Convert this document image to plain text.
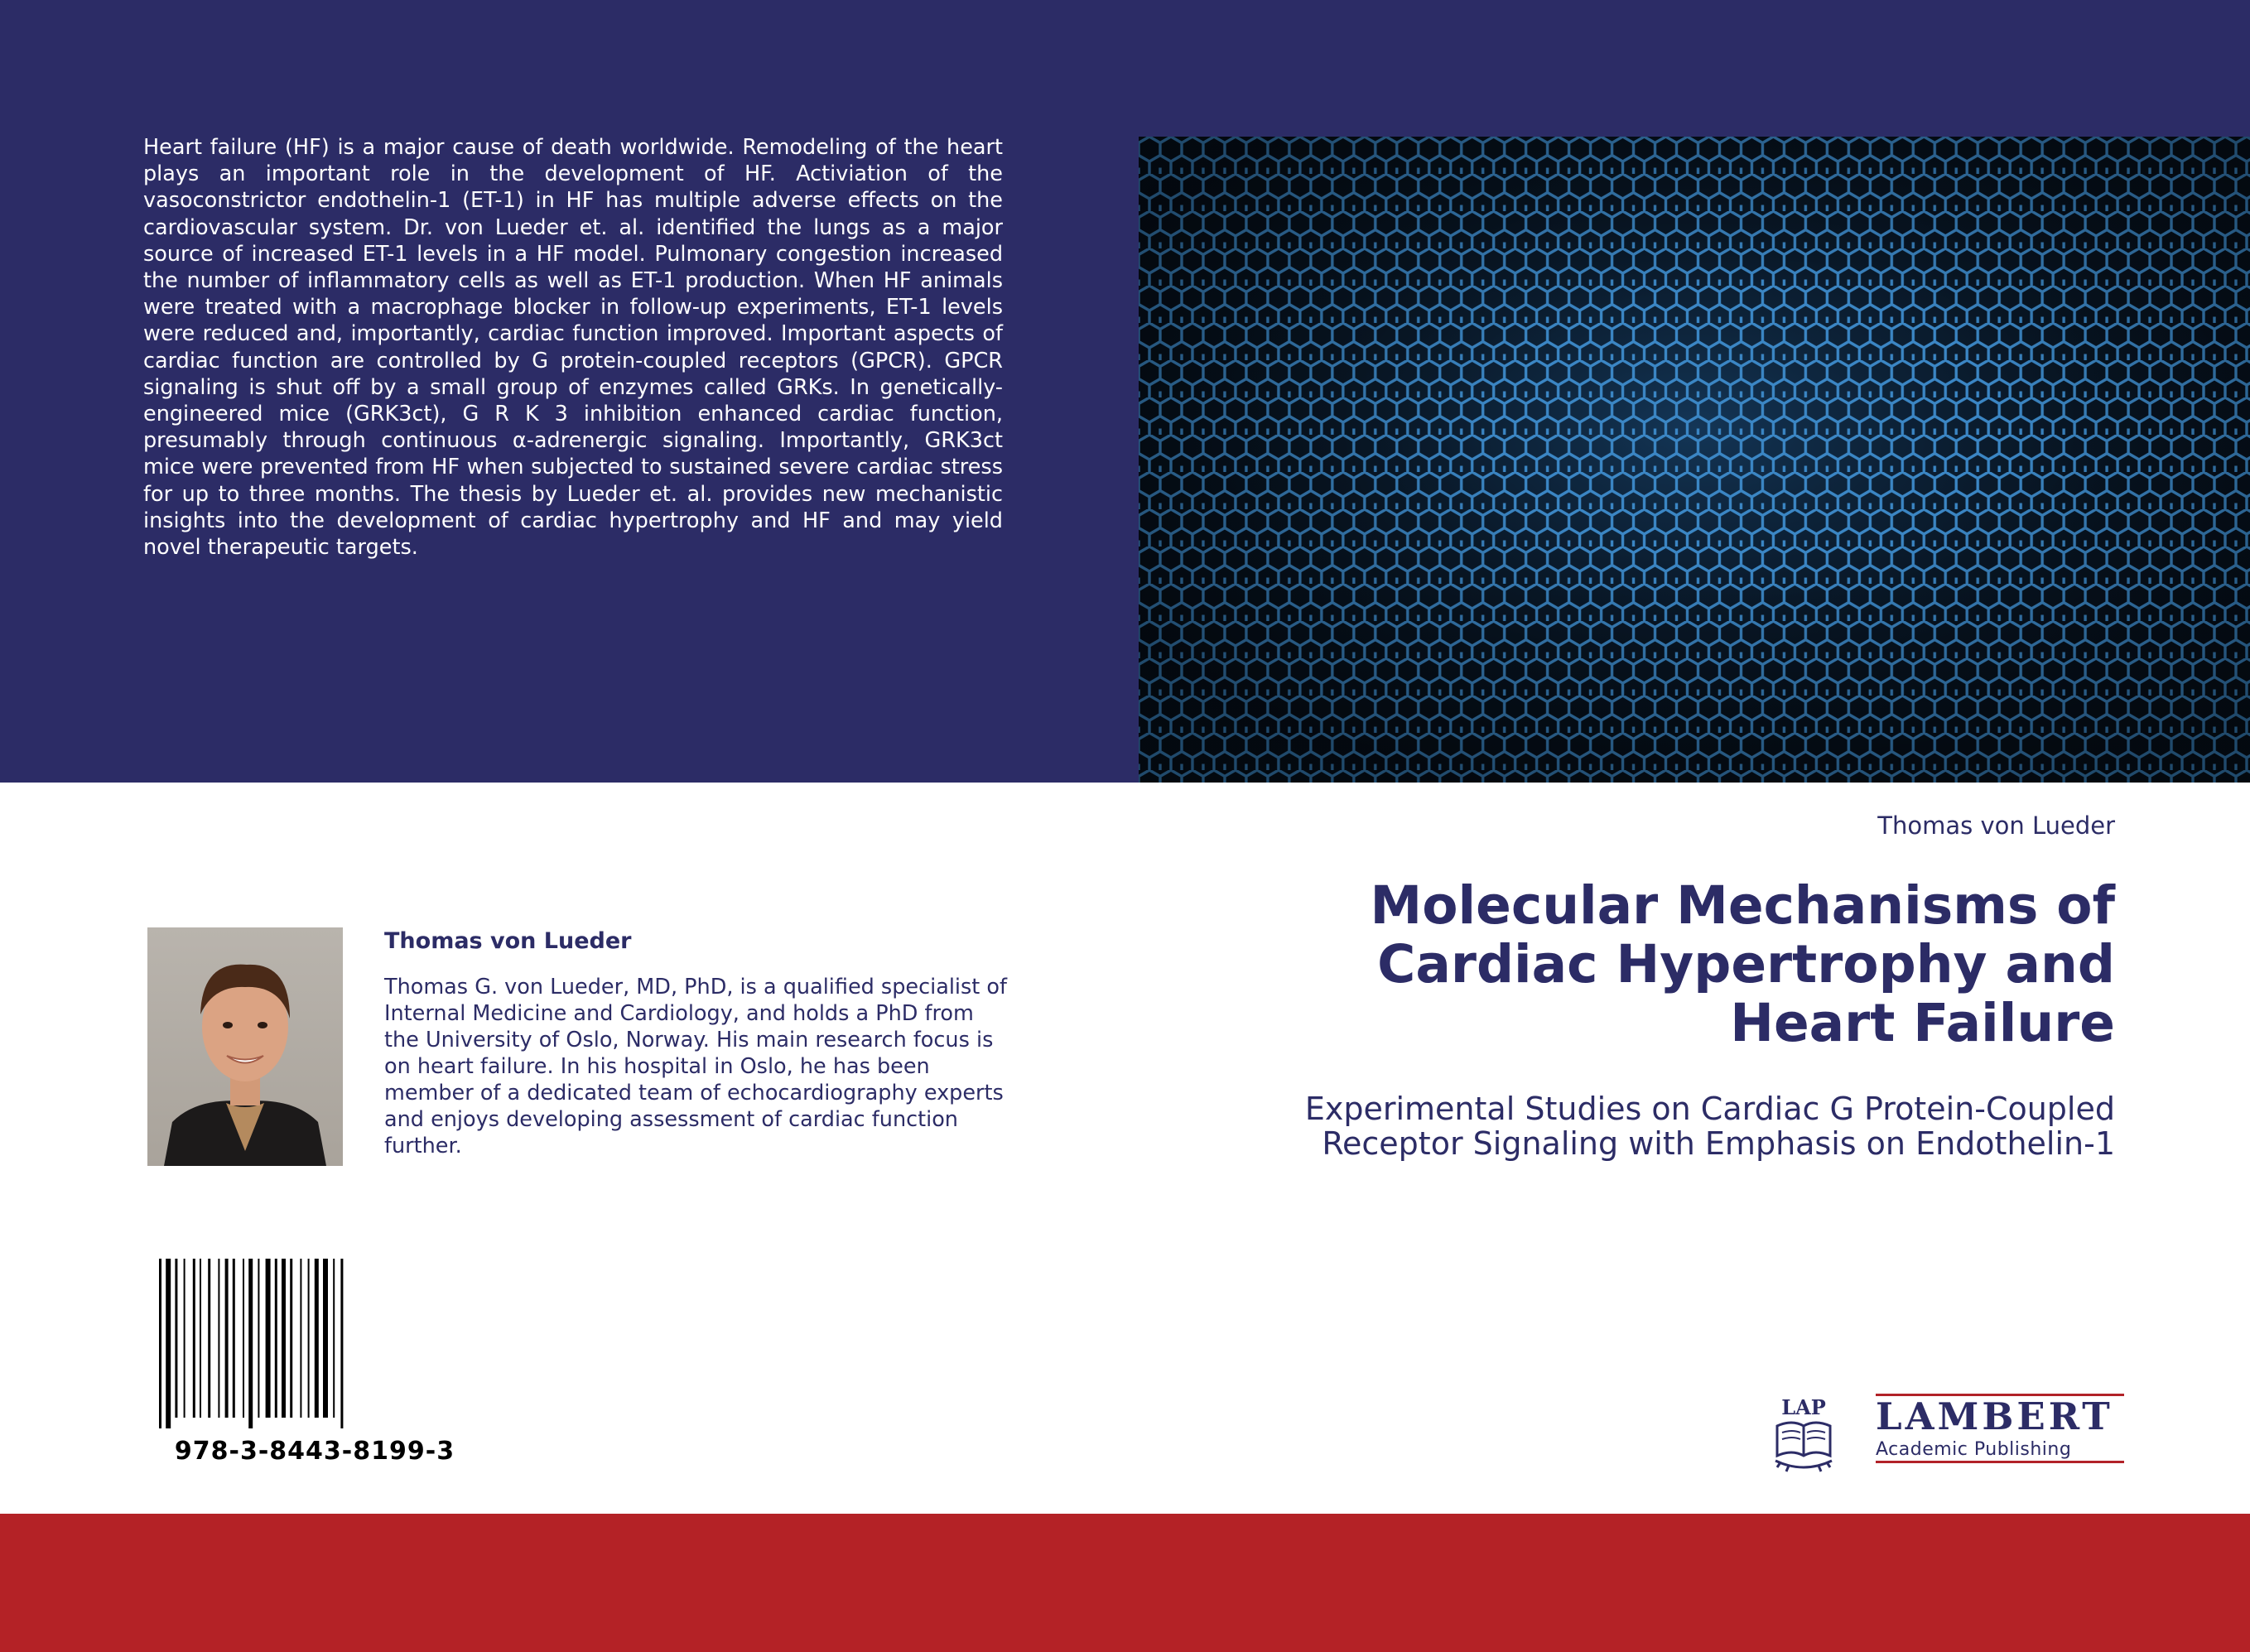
Heart failure (HF) is a major cause of death worldwide. Remodeling of the heart plays an important role in the development of HF. Activiation of the vasoconstrictor endothelin-1 (ET-1) in HF has multiple adverse effects on the cardiovascular system. Dr. von Lueder et. al. identified the lungs as a major source of increased ET-1 levels in a HF model. Pulmonary congestion increased the number of inflammatory cells as well as ET-1 production. When HF animals were treated with a macrophage blocker in follow-up experiments, ET-1 levels were reduced and, importantly, cardiac function improved. Important aspects of cardiac function are controlled by G protein-coupled receptors (GPCR). GPCR signaling is shut off by a small group of enzymes called GRKs. In genetically-engineered mice (GRK3ct), G R K 3 inhibition enhanced cardiac function, presumably through continuous α-adrenergic signaling. Importantly, GRK3ct mice were prevented from HF when subjected to sustained severe cardiac stress for up to three months. The thesis by Lueder et. al. provides new mechanistic insights into the development of cardiac hypertrophy and HF and may yield novel therapeutic targets.

Thomas von Lueder

Molecular Mechanisms of Cardiac Hypertrophy and Heart Failure

Experimental Studies on Cardiac G Protein-Coupled Receptor Signaling with Emphasis on Endothelin-1

Thomas von Lueder

Thomas G. von Lueder, MD, PhD, is a qualified specialist of Internal Medicine and Cardiology, and holds a PhD from the University of Oslo, Norway. His main research focus is on heart failure. In his hospital in Oslo, he has been member of a dedicated team of echocardiography experts and enjoys developing assessment of cardiac function further.

978-3-8443-8199-3

LAP LAMBERT

Academic Publishing
